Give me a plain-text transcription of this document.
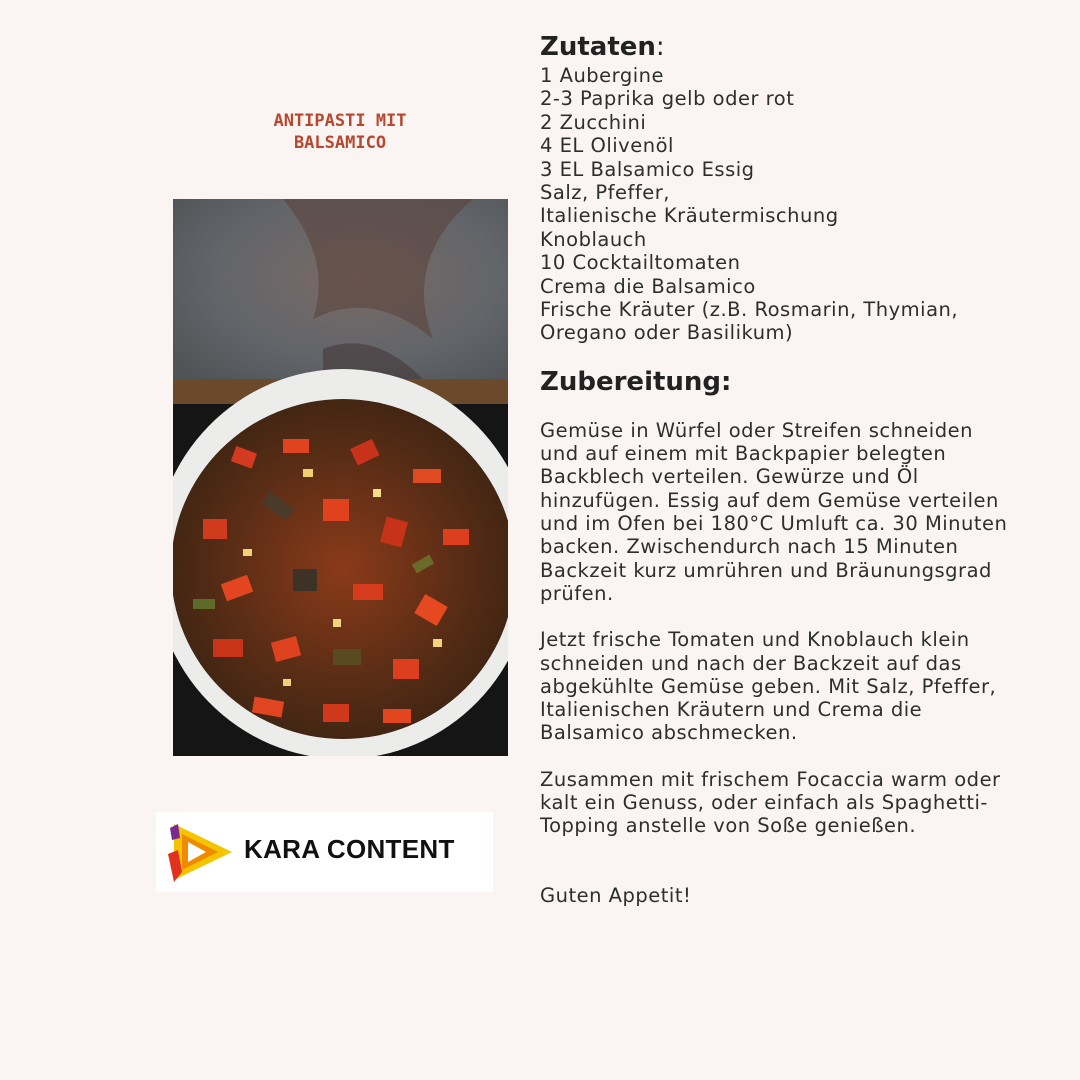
ANTIPASTI MIT
BALSAMICO
KARA CONTENT
Zutaten:
1 Aubergine
2-3 Paprika gelb oder rot
2 Zucchini
4 EL Olivenöl
3 EL Balsamico Essig
Salz, Pfeffer,
Italienische Kräutermischung
Knoblauch
10 Cocktailtomaten
Crema die Balsamico
Frische Kräuter (z.B. Rosmarin, Thymian, Oregano oder Basilikum)
Zubereitung:

Gemüse in Würfel oder Streifen schneiden und auf einem mit Backpapier belegten Backblech verteilen. Gewürze und Öl hinzufügen. Essig auf dem Gemüse verteilen und im Ofen bei 180°C Umluft ca. 30 Minuten backen. Zwischendurch nach 15 Minuten Backzeit kurz umrühren und Bräunungsgrad prüfen.

Jetzt frische Tomaten und Knoblauch klein schneiden und nach der Backzeit auf das abgekühlte Gemüse geben. Mit Salz, Pfeffer, Italienischen Kräutern und Crema die Balsamico abschmecken.

Zusammen mit frischem Focaccia warm oder kalt ein Genuss, oder einfach als Spaghetti-Topping anstelle von Soße genießen.

Guten Appetit!
